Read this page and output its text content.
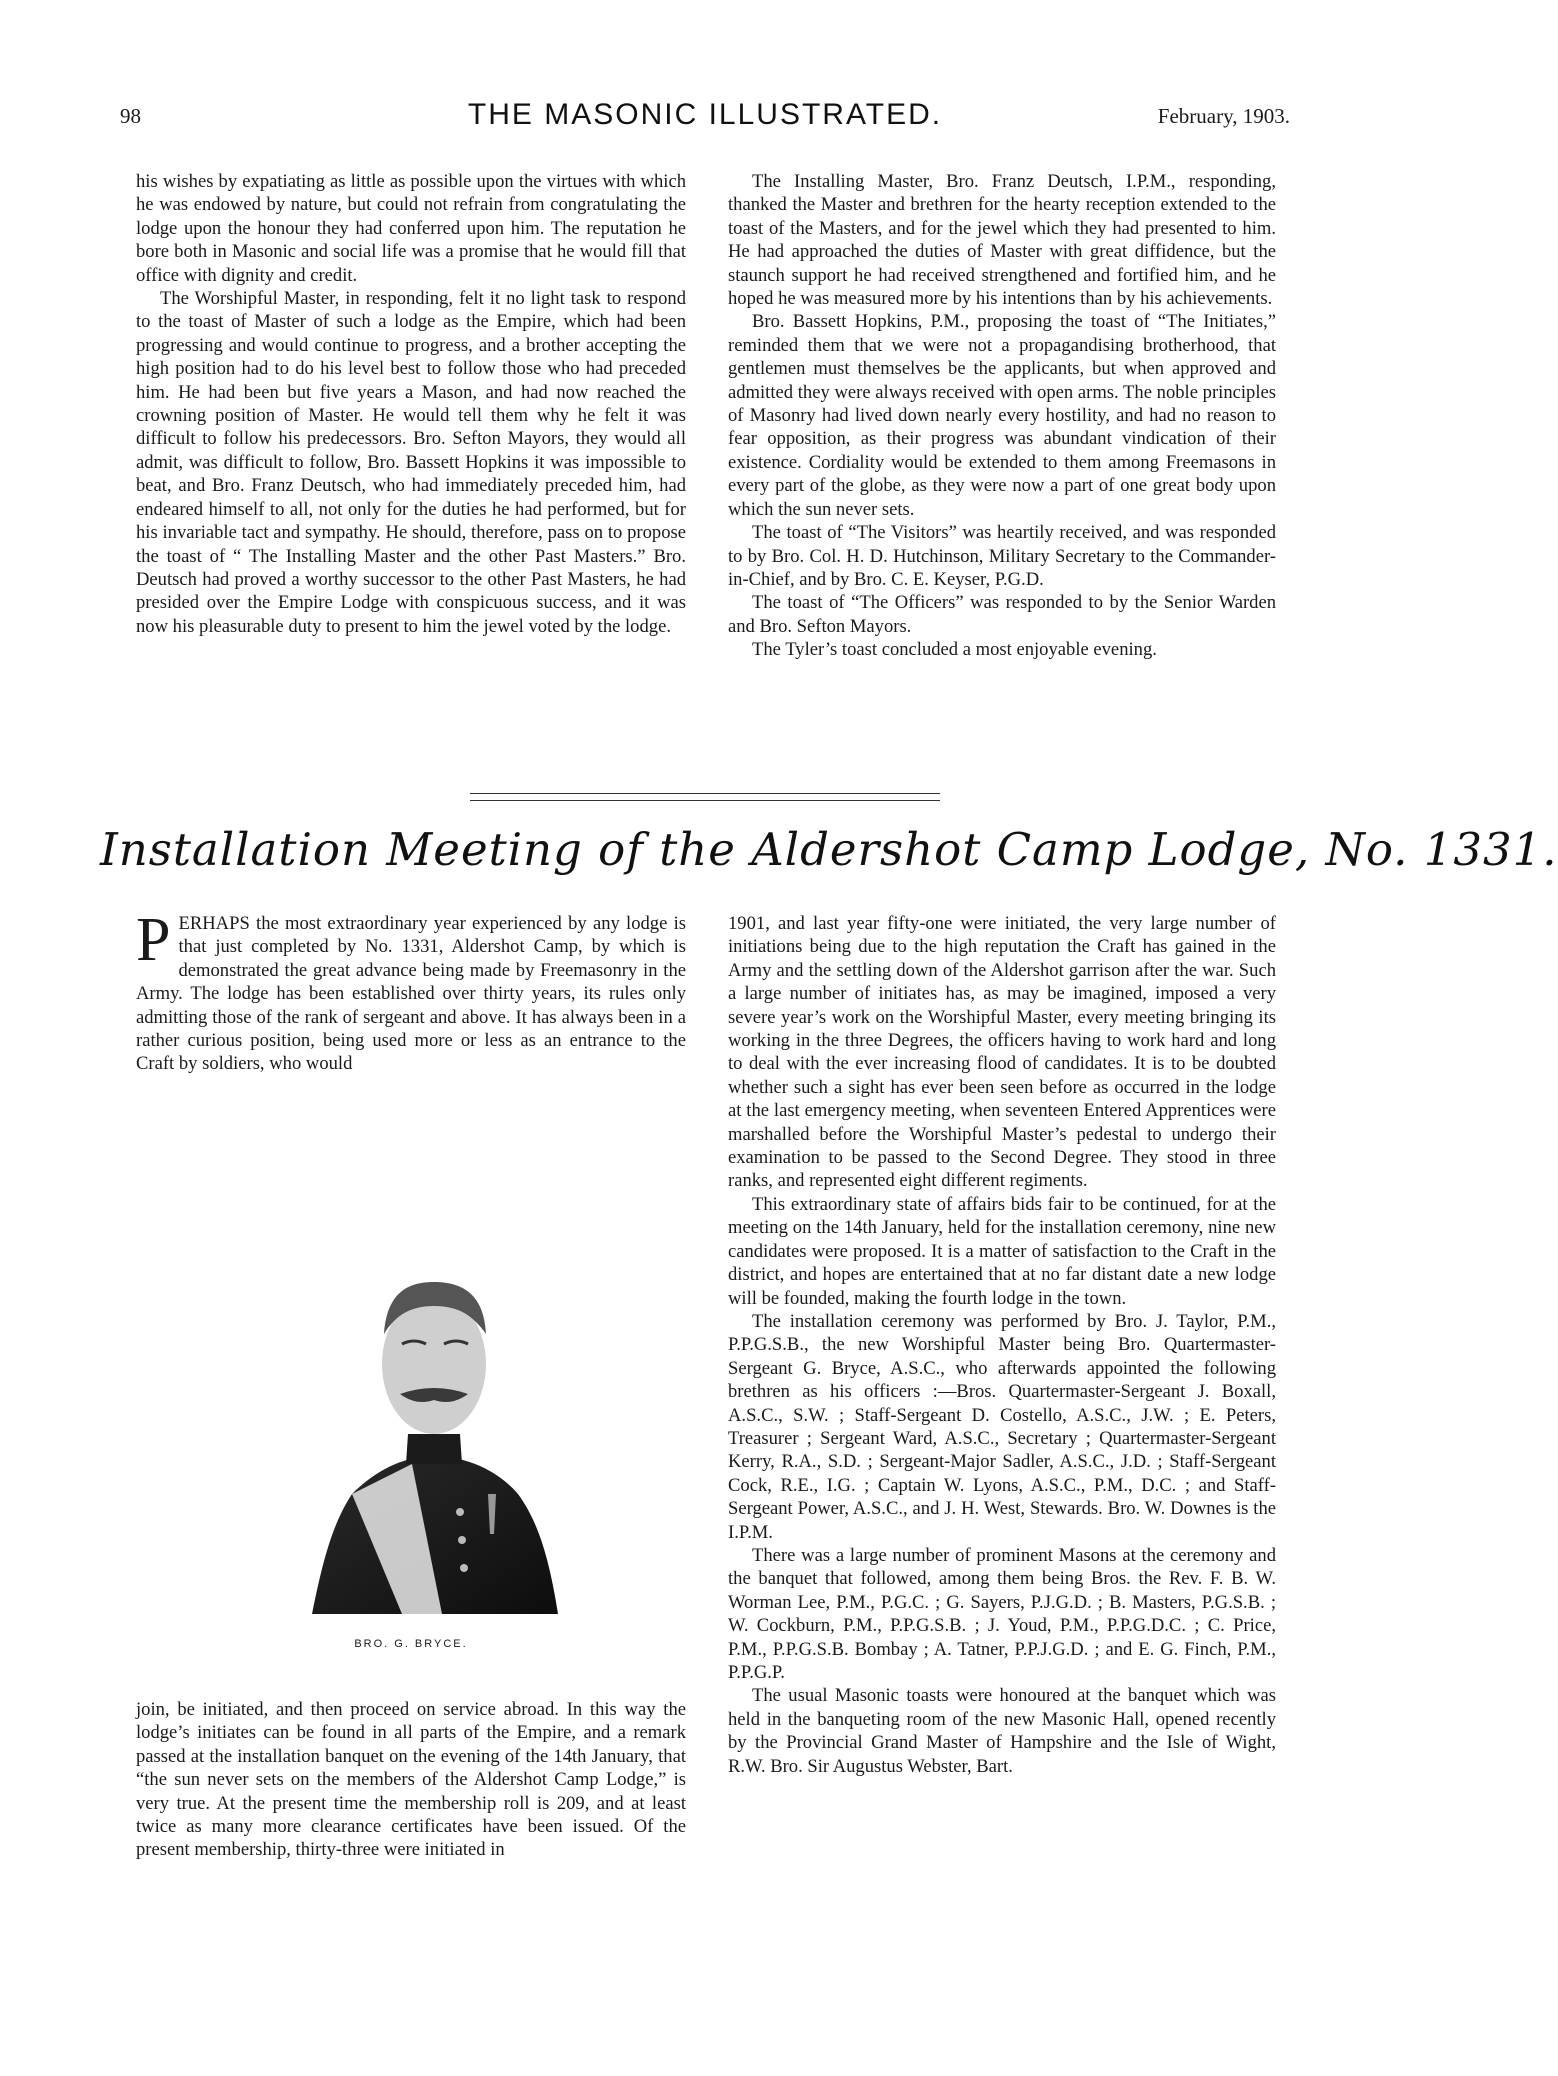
98	THE MASONIC ILLUSTRATED.	February, 1903.

his wishes by expatiating as little as possible upon the virtues with which he was endowed by nature, but could not refrain from congratulating the lodge upon the honour they had conferred upon him. The reputation he bore both in Masonic and social life was a promise that he would fill that office with dignity and credit.

The Worshipful Master, in responding, felt it no light task to respond to the toast of Master of such a lodge as the Empire, which had been progressing and would continue to progress, and a brother accepting the high position had to do his level best to follow those who had preceded him. He had been but five years a Mason, and had now reached the crowning position of Master. He would tell them why he felt it was difficult to follow his predecessors. Bro. Sefton Mayors, they would all admit, was difficult to follow, Bro. Bassett Hopkins it was impossible to beat, and Bro. Franz Deutsch, who had immediately preceded him, had endeared himself to all, not only for the duties he had performed, but for his invariable tact and sympathy. He should, therefore, pass on to propose the toast of “ The Installing Master and the other Past Masters.” Bro. Deutsch had proved a worthy successor to the other Past Masters, he had presided over the Empire Lodge with conspicuous success, and it was now his pleasurable duty to present to him the jewel voted by the lodge.

The Installing Master, Bro. Franz Deutsch, I.P.M., responding, thanked the Master and brethren for the hearty reception extended to the toast of the Masters, and for the jewel which they had presented to him. He had approached the duties of Master with great diffidence, but the staunch support he had received strengthened and fortified him, and he hoped he was measured more by his intentions than by his achievements.

Bro. Bassett Hopkins, P.M., proposing the toast of “The Initiates,” reminded them that we were not a propagandising brotherhood, that gentlemen must themselves be the applicants, but when approved and admitted they were always received with open arms. The noble principles of Masonry had lived down nearly every hostility, and had no reason to fear opposition, as their progress was abundant vindication of their existence. Cordiality would be extended to them among Freemasons in every part of the globe, as they were now a part of one great body upon which the sun never sets.

The toast of “The Visitors” was heartily received, and was responded to by Bro. Col. H. D. Hutchinson, Military Secretary to the Commander-in-Chief, and by Bro. C. E. Keyser, P.G.D.

The toast of “The Officers” was responded to by the Senior Warden and Bro. Sefton Mayors.

The Tyler’s toast concluded a most enjoyable evening.

Installation Meeting of the Aldershot Camp Lodge, No. 1331.

PERHAPS the most extraordinary year experienced by any lodge is that just completed by No. 1331, Aldershot Camp, by which is demonstrated the great advance being made by Freemasonry in the Army. The lodge has been established over thirty years, its rules only admitting those of the rank of sergeant and above. It has always been in a rather curious position, being used more or less as an entrance to the Craft by soldiers, who would

BRO. G. BRYCE.

join, be initiated, and then proceed on service abroad. In this way the lodge’s initiates can be found in all parts of the Empire, and a remark passed at the installation banquet on the evening of the 14th January, that “the sun never sets on the members of the Aldershot Camp Lodge,” is very true. At the present time the membership roll is 209, and at least twice as many more clearance certificates have been issued. Of the present membership, thirty-three were initiated in

1901, and last year fifty-one were initiated, the very large number of initiations being due to the high reputation the Craft has gained in the Army and the settling down of the Aldershot garrison after the war. Such a large number of initiates has, as may be imagined, imposed a very severe year’s work on the Worshipful Master, every meeting bringing its working in the three Degrees, the officers having to work hard and long to deal with the ever increasing flood of candidates. It is to be doubted whether such a sight has ever been seen before as occurred in the lodge at the last emergency meeting, when seventeen Entered Apprentices were marshalled before the Worshipful Master’s pedestal to undergo their examination to be passed to the Second Degree. They stood in three ranks, and represented eight different regiments.

This extraordinary state of affairs bids fair to be continued, for at the meeting on the 14th January, held for the installation ceremony, nine new candidates were proposed. It is a matter of satisfaction to the Craft in the district, and hopes are entertained that at no far distant date a new lodge will be founded, making the fourth lodge in the town.

The installation ceremony was performed by Bro. J. Taylor, P.M., P.P.G.S.B., the new Worshipful Master being Bro. Quartermaster-Sergeant G. Bryce, A.S.C., who afterwards appointed the following brethren as his officers :—Bros. Quartermaster-Sergeant J. Boxall, A.S.C., S.W. ; Staff-Sergeant D. Costello, A.S.C., J.W. ; E. Peters, Treasurer ; Sergeant Ward, A.S.C., Secretary ; Quartermaster-Sergeant Kerry, R.A., S.D. ; Sergeant-Major Sadler, A.S.C., J.D. ; Staff-Sergeant Cock, R.E., I.G. ; Captain W. Lyons, A.S.C., P.M., D.C. ; and Staff-Sergeant Power, A.S.C., and J. H. West, Stewards. Bro. W. Downes is the I.P.M.

There was a large number of prominent Masons at the ceremony and the banquet that followed, among them being Bros. the Rev. F. B. W. Worman Lee, P.M., P.G.C. ; G. Sayers, P.J.G.D. ; B. Masters, P.G.S.B. ; W. Cockburn, P.M., P.P.G.S.B. ; J. Youd, P.M., P.P.G.D.C. ; C. Price, P.M., P.P.G.S.B. Bombay ; A. Tatner, P.P.J.G.D. ; and E. G. Finch, P.M., P.P.G.P.

The usual Masonic toasts were honoured at the banquet which was held in the banqueting room of the new Masonic Hall, opened recently by the Provincial Grand Master of Hampshire and the Isle of Wight, R.W. Bro. Sir Augustus Webster, Bart.
